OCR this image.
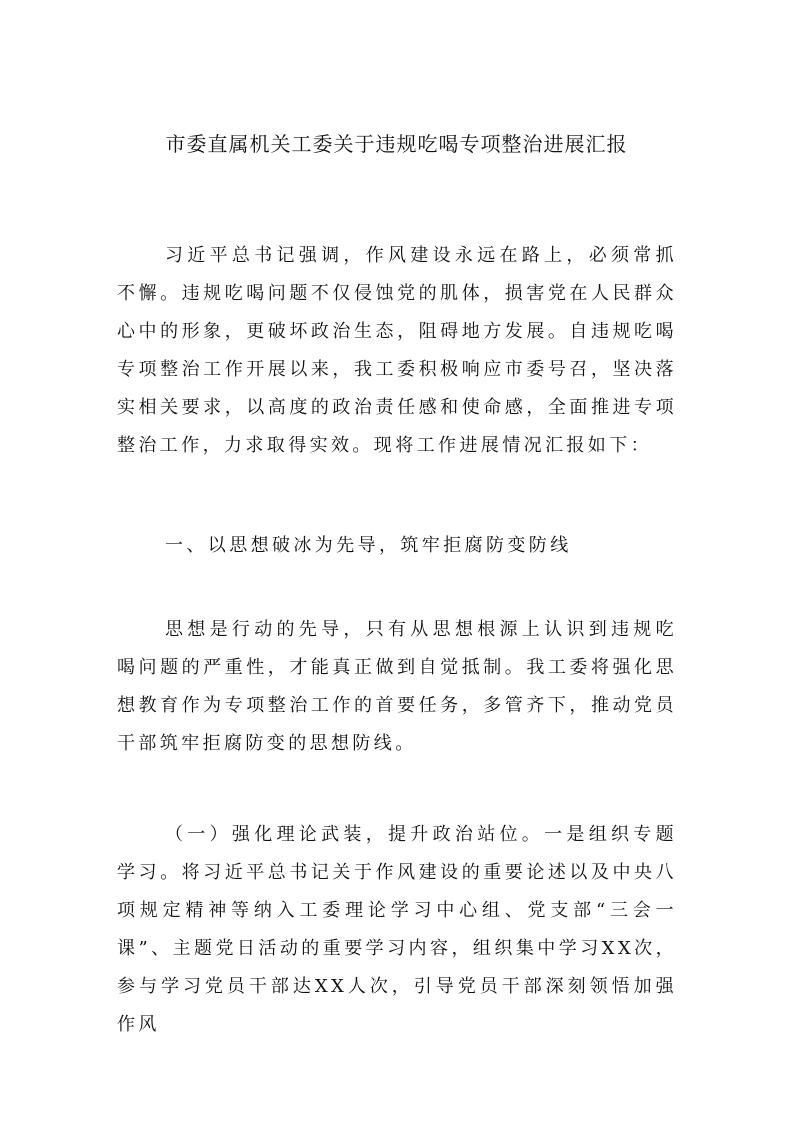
市委直属机关工委关于违规吃喝专项整治进展汇报

习近平总书记强调，作风建设永远在路上，必须常抓不懈。违规吃喝问题不仅侵蚀党的肌体，损害党在人民群众心中的形象，更破坏政治生态，阻碍地方发展。自违规吃喝专项整治工作开展以来，我工委积极响应市委号召，坚决落实相关要求，以高度的政治责任感和使命感，全面推进专项整治工作，力求取得实效。现将工作进展情况汇报如下：

一、以思想破冰为先导，筑牢拒腐防变防线

思想是行动的先导，只有从思想根源上认识到违规吃喝问题的严重性，才能真正做到自觉抵制。我工委将强化思想教育作为专项整治工作的首要任务，多管齐下，推动党员干部筑牢拒腐防变的思想防线。

（一）强化理论武装，提升政治站位。一是组织专题学习。将习近平总书记关于作风建设的重要论述以及中央八项规定精神等纳入工委理论学习中心组、党支部“三会一课”、主题党日活动的重要学习内容，组织集中学习XX次，参与学习党员干部达XX人次，引导党员干部深刻领悟加强作风
